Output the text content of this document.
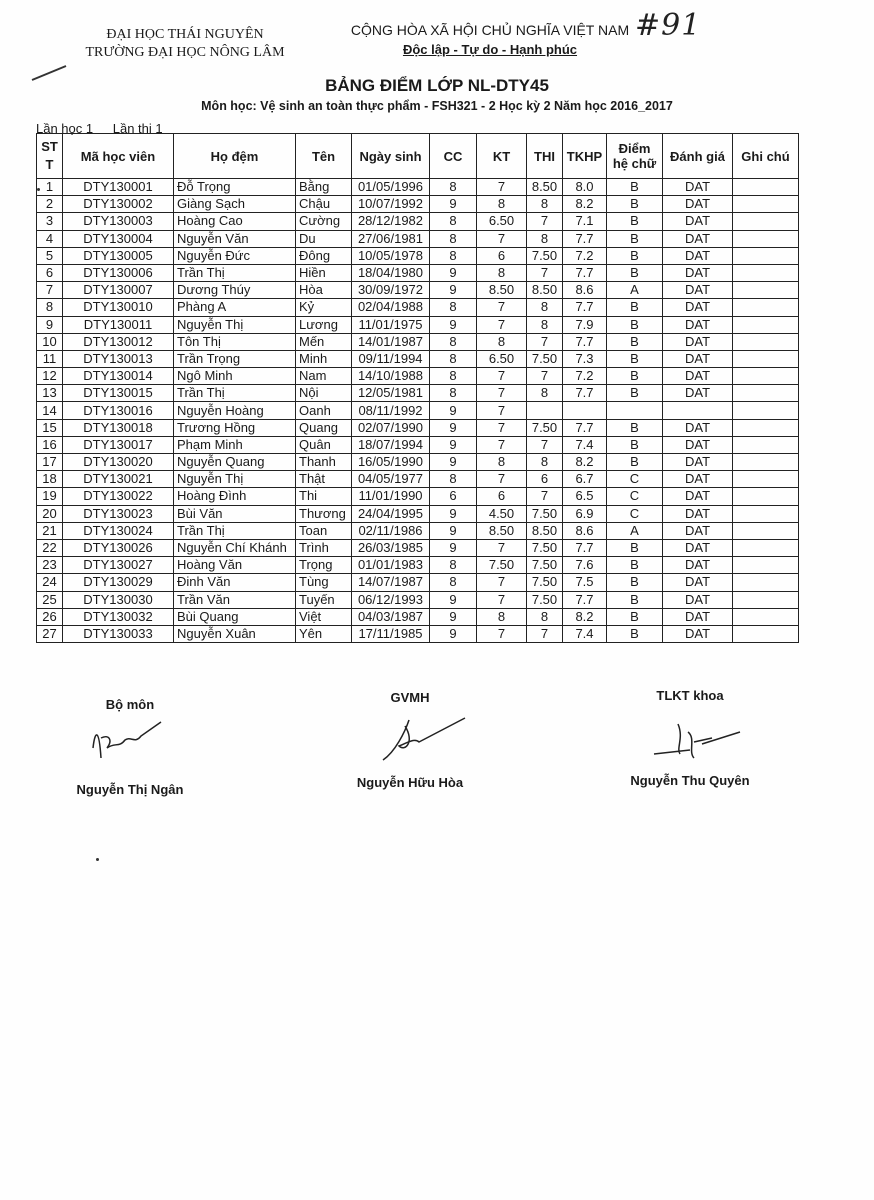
ĐẠI HỌC THÁI NGUYÊN
TRƯỜNG ĐẠI HỌC NÔNG LÂM
CỘNG HÒA XÃ HỘI CHỦ NGHĨA VIỆT NAM
Độc lập - Tự do - Hạnh phúc
#91
BẢNG ĐIỂM LỚP NL-DTY45
Môn học: Vệ sinh an toàn thực phẩm - FSH321 - 2 Học kỳ 2 Năm học 2016_2017
Lần học 1 Lần thi 1
ST T	Mã học viên	Họ đệm	Tên	Ngày sinh	CC	KT	THI	TKHP	Điểm hệ chữ	Đánh giá	Ghi chú
1	DTY130001	Đỗ Trọng	Bằng	01/05/1996	8	7	8.50	8.0	B	DAT	
2	DTY130002	Giàng Sạch	Chậu	10/07/1992	9	8	8	8.2	B	DAT	
3	DTY130003	Hoàng Cao	Cường	28/12/1982	8	6.50	7	7.1	B	DAT	
4	DTY130004	Nguyễn Văn	Du	27/06/1981	8	7	8	7.7	B	DAT	
5	DTY130005	Nguyễn Đức	Đông	10/05/1978	8	6	7.50	7.2	B	DAT	
6	DTY130006	Trần Thị	Hiền	18/04/1980	9	8	7	7.7	B	DAT	
7	DTY130007	Dương Thúy	Hòa	30/09/1972	9	8.50	8.50	8.6	A	DAT	
8	DTY130010	Phàng A	Kỷ	02/04/1988	8	7	8	7.7	B	DAT	
9	DTY130011	Nguyễn Thị	Lương	11/01/1975	9	7	8	7.9	B	DAT	
10	DTY130012	Tôn Thị	Mến	14/01/1987	8	8	7	7.7	B	DAT	
11	DTY130013	Trần Trọng	Minh	09/11/1994	8	6.50	7.50	7.3	B	DAT	
12	DTY130014	Ngô Minh	Nam	14/10/1988	8	7	7	7.2	B	DAT	
13	DTY130015	Trần Thị	Nội	12/05/1981	8	7	8	7.7	B	DAT	
14	DTY130016	Nguyễn Hoàng	Oanh	08/11/1992	9	7					
15	DTY130018	Trương Hồng	Quang	02/07/1990	9	7	7.50	7.7	B	DAT	
16	DTY130017	Phạm Minh	Quân	18/07/1994	9	7	7	7.4	B	DAT	
17	DTY130020	Nguyễn Quang	Thanh	16/05/1990	9	8	8	8.2	B	DAT	
18	DTY130021	Nguyễn Thị	Thật	04/05/1977	8	7	6	6.7	C	DAT	
19	DTY130022	Hoàng Đình	Thi	11/01/1990	6	6	7	6.5	C	DAT	
20	DTY130023	Bùi Văn	Thương	24/04/1995	9	4.50	7.50	6.9	C	DAT	
21	DTY130024	Trần Thị	Toan	02/11/1986	9	8.50	8.50	8.6	A	DAT	
22	DTY130026	Nguyễn Chí Khánh	Trình	26/03/1985	9	7	7.50	7.7	B	DAT	
23	DTY130027	Hoàng Văn	Trọng	01/01/1983	8	7.50	7.50	7.6	B	DAT	
24	DTY130029	Đinh Văn	Tùng	14/07/1987	8	7	7.50	7.5	B	DAT	
25	DTY130030	Trần Văn	Tuyến	06/12/1993	9	7	7.50	7.7	B	DAT	
26	DTY130032	Bùi Quang	Việt	04/03/1987	9	8	8	8.2	B	DAT	
27	DTY130033	Nguyễn Xuân	Yên	17/11/1985	9	7	7	7.4	B	DAT	
Bộ môn
Nguyễn Thị Ngân
GVMH
Nguyễn Hữu Hòa
TLKT khoa
Nguyễn Thu Quyên
